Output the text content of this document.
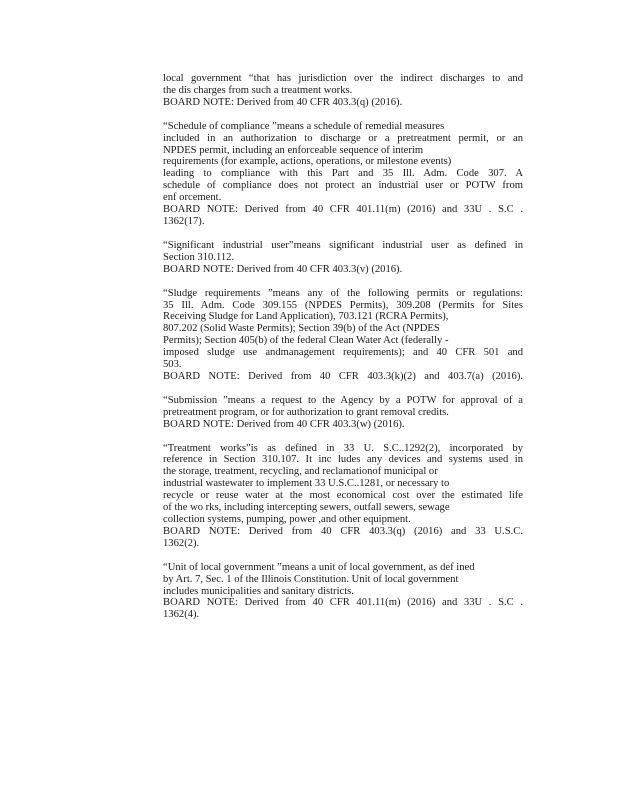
local government “that has jurisdiction over the indirect discharges to and
the dis charges from such a treatment works.
BOARD NOTE: Derived from 40 CFR 403.3(q) (2016).
“Schedule of compliance ”means a schedule of remedial measures
included in an authorization to discharge or a pretreatment permit, or an
NPDES permit, including an enforceable sequence of interim
requirements (for example, actions, operations, or milestone events)
leading to compliance with this Part and 35 Ill. Adm. Code 307. A
schedule of compliance does not protect an industrial user or POTW from
enf orcement.
BOARD NOTE: Derived from 40 CFR 401.11(m) (2016) and 33U . S.C .
1362(17).
“Significant industrial user”means significant industrial user as defined in
Section 310.112.
BOARD NOTE: Derived from 40 CFR 403.3(v) (2016).
“Sludge requirements ”means any of the following permits or regulations:
35 Ill. Adm. Code 309.155 (NPDES Permits), 309.208 (Permits for Sites
Receiving Sludge for Land Application), 703.121 (RCRA Permits),
807.202 (Solid Waste Permits); Section 39(b) of the Act (NPDES
Permits); Section 405(b) of the federal Clean Water Act (federally -
imposed sludge use andmanagement requirements); and 40 CFR 501 and
503.
BOARD NOTE: Derived from 40 CFR 403.3(k)(2) and 403.7(a) (2016).
“Submission ”means a request to the Agency by a POTW for approval of a
pretreatment program, or for authorization to grant removal credits.
BOARD NOTE: Derived from 40 CFR 403.3(w) (2016).
“Treatment works”is as defined in 33 U. S.C..1292(2), incorporated by
reference in Section 310.107. It inc ludes any devices and systems used in
the storage, treatment, recycling, and reclamationof municipal or
industrial wastewater to implement 33 U.S.C..1281, or necessary to
recycle or reuse water at the most economical cost over the estimated life
of the wo rks, including intercepting sewers, outfall sewers, sewage
collection systems, pumping, power ,and other equipment.
BOARD NOTE: Derived from 40 CFR 403.3(q) (2016) and 33 U.S.C.
1362(2).
“Unit of local government ”means a unit of local government, as def ined
by Art. 7, Sec. 1 of the Illinois Constitution. Unit of local government
includes municipalities and sanitary districts.
BOARD NOTE: Derived from 40 CFR 401.11(m) (2016) and 33U . S.C .
1362(4).
